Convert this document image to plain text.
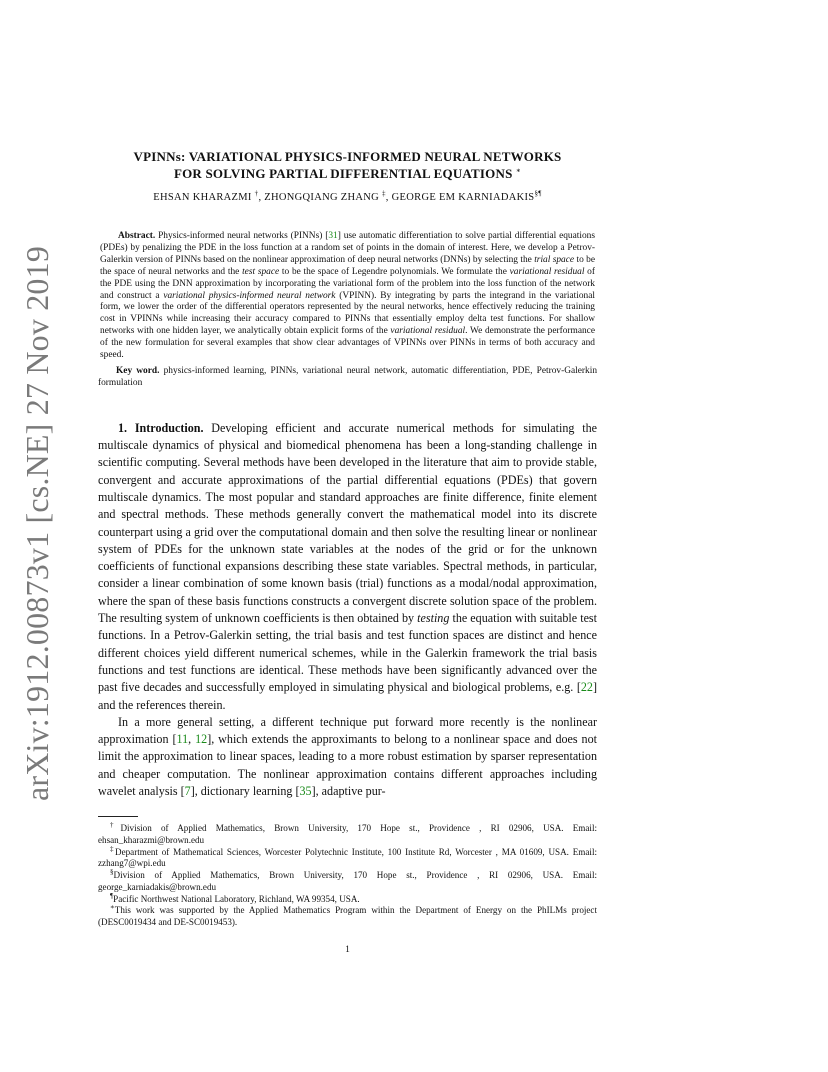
arXiv:1912.00873v1 [cs.NE] 27 Nov 2019
VPINNs: VARIATIONAL PHYSICS-INFORMED NEURAL NETWORKS
FOR SOLVING PARTIAL DIFFERENTIAL EQUATIONS ∗
EHSAN KHARAZMI †, ZHONGQIANG ZHANG ‡, GEORGE EM KARNIADAKIS§¶

Abstract. Physics-informed neural networks (PINNs) [31] use automatic differentiation to solve partial differential equations (PDEs) by penalizing the PDE in the loss function at a random set of points in the domain of interest. Here, we develop a Petrov-Galerkin version of PINNs based on the nonlinear approximation of deep neural networks (DNNs) by selecting the trial space to be the space of neural networks and the test space to be the space of Legendre polynomials. We formulate the variational residual of the PDE using the DNN approximation by incorporating the variational form of the problem into the loss function of the network and construct a variational physics-informed neural network (VPINN). By integrating by parts the integrand in the variational form, we lower the order of the differential operators represented by the neural networks, hence effectively reducing the training cost in VPINNs while increasing their accuracy compared to PINNs that essentially employ delta test functions. For shallow networks with one hidden layer, we analytically obtain explicit forms of the variational residual. We demonstrate the performance of the new formulation for several examples that show clear advantages of VPINNs over PINNs in terms of both accuracy and speed.

Key word. physics-informed learning, PINNs, variational neural network, automatic differentiation, PDE, Petrov-Galerkin formulation

1. Introduction. Developing efficient and accurate numerical methods for simulating the multiscale dynamics of physical and biomedical phenomena has been a long-standing challenge in scientific computing. Several methods have been developed in the literature that aim to provide stable, convergent and accurate approximations of the partial differential equations (PDEs) that govern multiscale dynamics. The most popular and standard approaches are finite difference, finite element and spectral methods. These methods generally convert the mathematical model into its discrete counterpart using a grid over the computational domain and then solve the resulting linear or nonlinear system of PDEs for the unknown state variables at the nodes of the grid or for the unknown coefficients of functional expansions describing these state variables. Spectral methods, in particular, consider a linear combination of some known basis (trial) functions as a modal/nodal approximation, where the span of these basis functions constructs a convergent discrete solution space of the problem. The resulting system of unknown coefficients is then obtained by testing the equation with suitable test functions. In a Petrov-Galerkin setting, the trial basis and test function spaces are distinct and hence different choices yield different numerical schemes, while in the Galerkin framework the trial basis functions and test functions are identical. These methods have been significantly advanced over the past five decades and successfully employed in simulating physical and biological problems, e.g. [22] and the references therein.

In a more general setting, a different technique put forward more recently is the nonlinear approximation [11, 12], which extends the approximants to belong to a nonlinear space and does not limit the approximation to linear spaces, leading to a more robust estimation by sparser representation and cheaper computation. The nonlinear approximation contains different approaches including wavelet analysis [7], dictionary learning [35], adaptive pur-

†Division of Applied Mathematics, Brown University, 170 Hope st., Providence , RI 02906, USA. Email: ehsan_kharazmi@brown.edu

‡Department of Mathematical Sciences, Worcester Polytechnic Institute, 100 Institute Rd, Worcester , MA 01609, USA. Email: zzhang7@wpi.edu

§Division of Applied Mathematics, Brown University, 170 Hope st., Providence , RI 02906, USA. Email: george_karniadakis@brown.edu

¶Pacific Northwest National Laboratory, Richland, WA 99354, USA.

∗This work was supported by the Applied Mathematics Program within the Department of Energy on the PhILMs project (DESC0019434 and DE-SC0019453).

1
